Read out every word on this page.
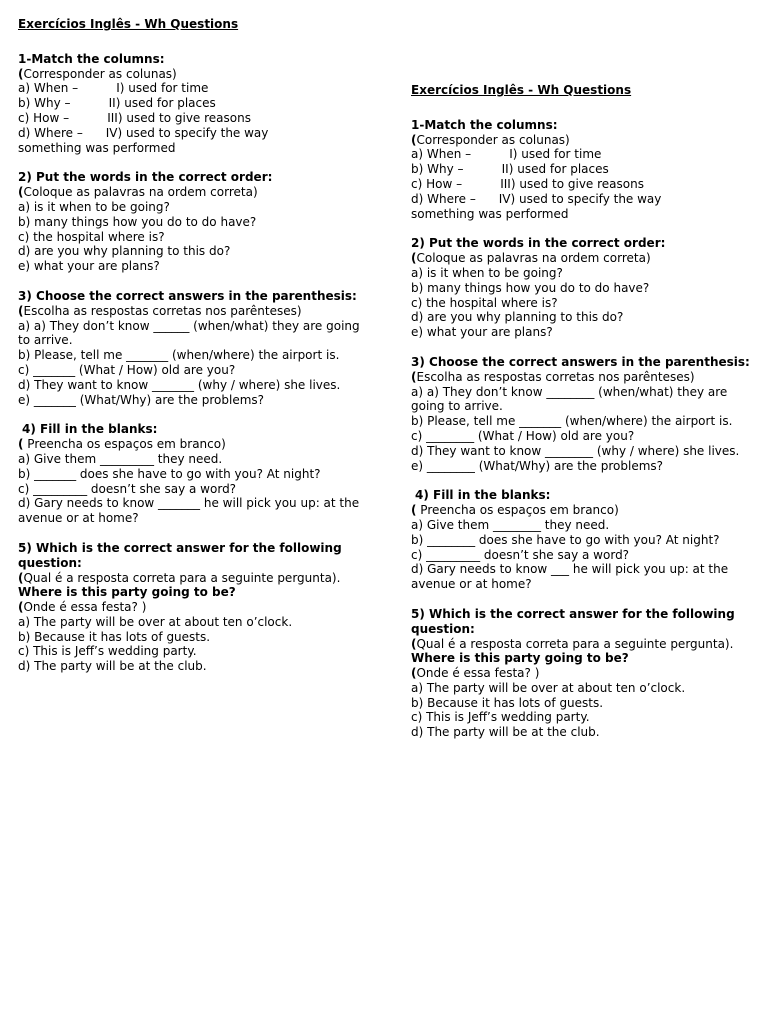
Exercícios Inglês - Wh Questions
1-Match the columns:
(Corresponder as colunas)
a) When –          I) used for time
b) Why –          II) used for places
c) How –          III) used to give reasons
d) Where –      IV) used to specify the way
something was performed
2) Put the words in the correct order:
(Coloque as palavras na ordem correta)
a) is it when to be going?
b) many things how you do to do have?
c) the hospital where is?
d) are you why planning to this do?
e) what your are plans?
3) Choose the correct answers in the parenthesis:
(Escolha as respostas corretas nos parênteses)
a) a) They don’t know ______ (when/what) they are going to arrive.
b) Please, tell me _______ (when/where) the airport is.
c) _______ (What / How) old are you?
d) They want to know _______ (why / where) she lives.
e) _______ (What/Why) are the problems?
4) Fill in the blanks:
( Preencha os espaços em branco)
a) Give them _________ they need.
b) _______ does she have to go with you? At night?
c) _________ doesn’t she say a word?
d) Gary needs to know _______ he will pick you up: at the avenue or at home?
5) Which is the correct answer for the following question:
(Qual é a resposta correta para a seguinte pergunta).
Where is this party going to be?
(Onde é essa festa? )
a) The party will be over at about ten o’clock.
b) Because it has lots of guests.
c) This is Jeff’s wedding party.
d) The party will be at the club.
Exercícios Inglês - Wh Questions
1-Match the columns:
(Corresponder as colunas)
a) When –          I) used for time
b) Why –          II) used for places
c) How –          III) used to give reasons
d) Where –      IV) used to specify the way
something was performed
2) Put the words in the correct order:
(Coloque as palavras na ordem correta)
a) is it when to be going?
b) many things how you do to do have?
c) the hospital where is?
d) are you why planning to this do?
e) what your are plans?
3) Choose the correct answers in the parenthesis:
(Escolha as respostas corretas nos parênteses)
a) a) They don’t know ________ (when/what) they are going to arrive.
b) Please, tell me _______ (when/where) the airport is.
c) ________ (What / How) old are you?
d) They want to know ________ (why / where) she lives.
e) ________ (What/Why) are the problems?
4) Fill in the blanks:
( Preencha os espaços em branco)
a) Give them ________ they need.
b) ________ does she have to go with you? At night?
c) _________ doesn’t she say a word?
d) Gary needs to know ___ he will pick you up: at the avenue or at home?
5) Which is the correct answer for the following question:
(Qual é a resposta correta para a seguinte pergunta).
Where is this party going to be?
(Onde é essa festa? )
a) The party will be over at about ten o’clock.
b) Because it has lots of guests.
c) This is Jeff’s wedding party.
d) The party will be at the club.
